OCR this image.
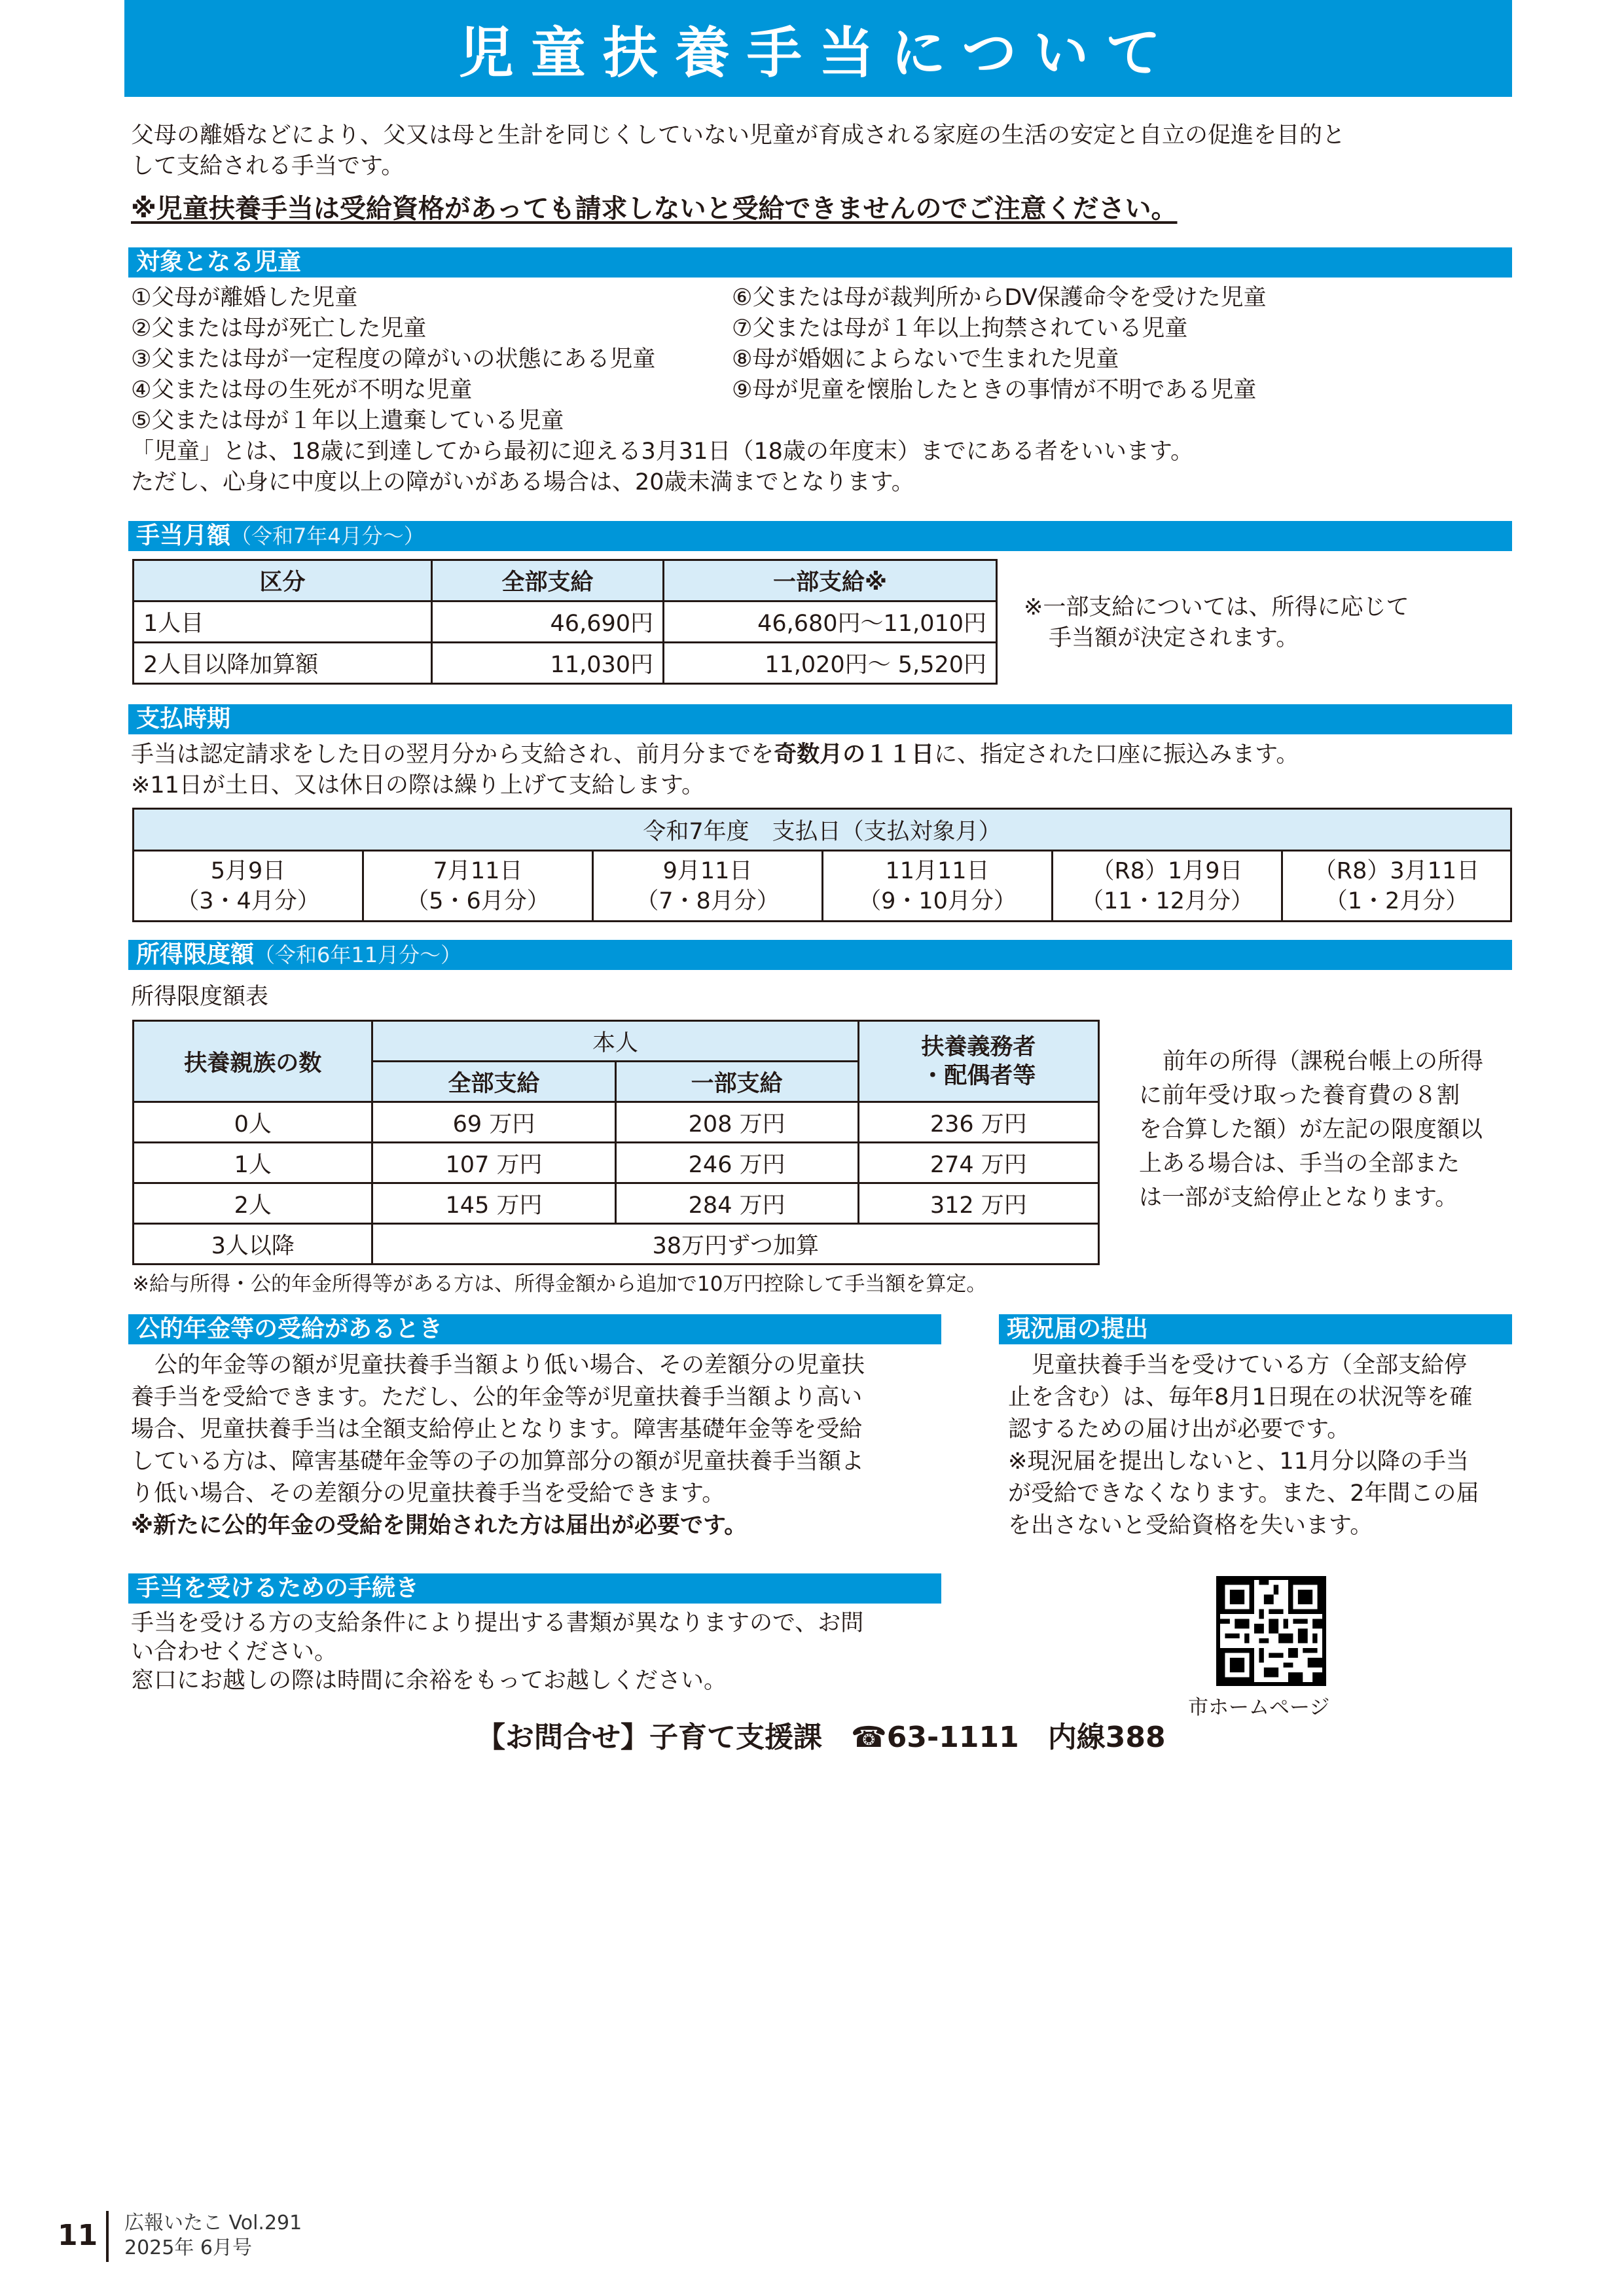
児童扶養手当について
父母の離婚などにより、父又は母と生計を同じくしていない児童が育成される家庭の生活の安定と自立の促進を目的と
して支給される手当です。
※児童扶養手当は受給資格があっても請求しないと受給できませんのでご注意ください。
対象となる児童
①父母が離婚した児童
②父または母が死亡した児童
③父または母が一定程度の障がいの状態にある児童
④父または母の生死が不明な児童
⑤父または母が１年以上遺棄している児童
⑥父または母が裁判所からDV保護命令を受けた児童
⑦父または母が１年以上拘禁されている児童
⑧母が婚姻によらないで生まれた児童
⑨母が児童を懐胎したときの事情が不明である児童
「児童」とは、18歳に到達してから最初に迎える3月31日（18歳の年度末）までにある者をいいます。
ただし、心身に中度以上の障がいがある場合は、20歳未満までとなります。
手当月額（令和7年4月分～）
区分	全部支給	一部支給※
1人目	46,690円	46,680円～11,010円
2人目以降加算額	11,030円	11,020円～ 5,520円
※一部支給については、所得に応じて
手当額が決定されます。
支払時期
手当は認定請求をした日の翌月分から支給され、前月分までを奇数月の１１日に、指定された口座に振込みます。
※11日が土日、又は休日の際は繰り上げて支給します。
令和7年度　支払日（支払対象月）

5月9日
（3・4月分）

7月11日
（5・6月分）

9月11日
（7・8月分）

11月11日
（9・10月分）

（R8）1月9日
（11・12月分）

（R8）3月11日
（1・2月分）
所得限度額（令和6年11月分～）
所得限度額表
扶養親族の数	本人		扶養義務者
・配偶者等

	全部支給	一部支給	
0人	69 万円	208 万円	236 万円
1人	107 万円	246 万円	274 万円
2人	145 万円	284 万円	312 万円
3人以降	38万円ずつ加算		
※給与所得・公的年金所得等がある方は、所得金額から追加で10万円控除して手当額を算定。
前年の所得（課税台帳上の所得
に前年受け取った養育費の８割
を合算した額）が左記の限度額以
上ある場合は、手当の全部また
は一部が支給停止となります。
公的年金等の受給があるとき
公的年金等の額が児童扶養手当額より低い場合、その差額分の児童扶
養手当を受給できます。ただし、公的年金等が児童扶養手当額より高い
場合、児童扶養手当は全額支給停止となります。障害基礎年金等を受給
している方は、障害基礎年金等の子の加算部分の額が児童扶養手当額よ
り低い場合、その差額分の児童扶養手当を受給できます。
※新たに公的年金の受給を開始された方は届出が必要です。
現況届の提出
児童扶養手当を受けている方（全部支給停
止を含む）は、毎年8月1日現在の状況等を確
認するための届け出が必要です。
※現況届を提出しないと、11月分以降の手当
が受給できなくなります。また、2年間この届
を出さないと受給資格を失います。
手当を受けるための手続き
手当を受ける方の支給条件により提出する書類が異なりますので、お問
い合わせください。
窓口にお越しの際は時間に余裕をもってお越しください。
市ホームページ
【お問合せ】子育て支援課　☎63-1111　内線388
11 広報いたこ Vol.291
2025年 6月号
